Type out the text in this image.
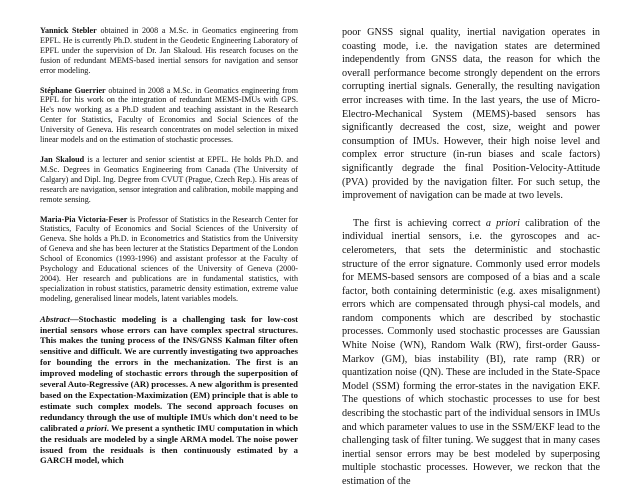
Yannick Stebler obtained in 2008 a M.Sc. in Geomatics engineering from EPFL. He is currently Ph.D. student in the Geodetic Engineering Laboratory of EPFL under the supervision of Dr. Jan Skaloud. His research focuses on the fusion of redundant MEMS-based inertial sensors for navigation and sensor error modeling.

Stéphane Guerrier obtained in 2008 a M.Sc. in Geomatics engineering from EPFL for his work on the integration of redundant MEMS-IMUs with GPS. He's now working as a Ph.D student and teaching assistant in the Research Center for Statistics, Faculty of Economics and Social Sciences of the University of Geneva. His research concentrates on model selection in mixed linear models and on the estimation of stochastic processes.

Jan Skaloud is a lecturer and senior scientist at EPFL. He holds Ph.D. and M.Sc. Degrees in Geomatics Engineering from Canada (The University of Calgary) and Dipl. Ing. Degree from CVUT (Prague, Czech Rep.). His areas of research are navigation, sensor integration and calibration, mobile mapping and remote sensing.

Maria-Pia Victoria-Feser is Professor of Statistics in the Research Center for Statistics, Faculty of Economics and Social Sciences of the University of Geneva. She holds a Ph.D. in Econometrics and Statistics from the University of Geneva and she has been lecturer at the Statistics Department of the London School of Economics (1993-1996) and assistant professor at the Faculty of Psychology and Educational sciences of the University of Geneva (2000-2004). Her research and publications are in fundamental statistics, with specialization in robust statistics, parametric density estimation, extreme value modeling, generalised linear models, latent variables models.

Abstract—Stochastic modeling is a challenging task for low-cost inertial sensors whose errors can have complex spectral structures. This makes the tuning process of the INS/GNSS Kalman filter often sensitive and difficult. We are currently investigating two approaches for bounding the errors in the mechanization. The first is an improved modeling of stochastic errors through the superposition of several Auto-Regressive (AR) processes. A new algorithm is presented based on the Expectation-Maximization (EM) principle that is able to estimate such complex models. The second approach focuses on redundancy through the use of multiple IMUs which don't need to be calibrated a priori. We present a synthetic IMU computation in which the residuals are modeled by a single ARMA model. The noise power issued from the residuals is then continuously estimated by a GARCH model, which

poor GNSS signal quality, inertial navigation operates in coasting mode, i.e. the navigation states are determined independently from GNSS data, the reason for which the overall performance become strongly dependent on the errors corrupting inertial signals. Generally, the resulting navigation error increases with time. In the last years, the use of Micro-Electro-Mechanical System (MEMS)-based sensors has significantly decreased the cost, size, weight and power consumption of IMUs. However, their high noise level and complex error structure (in-run biases and scale factors) significantly degrade the final Position-Velocity-Attitude (PVA) provided by the navigation filter. For such setup, the improvement of navigation can be made at two levels.

The first is achieving correct a priori calibration of the individual inertial sensors, i.e. the gyroscopes and ac-celerometers, that sets the deterministic and stochastic structure of the error signature. Commonly used error models for MEMS-based sensors are composed of a bias and a scale factor, both containing deterministic (e.g. axes misalignment) errors which are compensated through physi-cal models, and random components which are described by stochastic processes. Commonly used stochastic processes are Gaussian White Noise (WN), Random Walk (RW), first-order Gauss-Markov (GM), bias instability (BI), rate ramp (RR) or quantization noise (QN). These are included in the State-Space Model (SSM) forming the error-states in the navigation EKF. The questions of which stochastic processes to use for best describing the stochastic part of the individual sensors in IMUs and which parameter values to use in the SSM/EKF lead to the challenging task of filter tuning. We suggest that in many cases inertial sensor errors may be best modeled by superposing multiple stochastic processes. However, we reckon that the estimation of the
